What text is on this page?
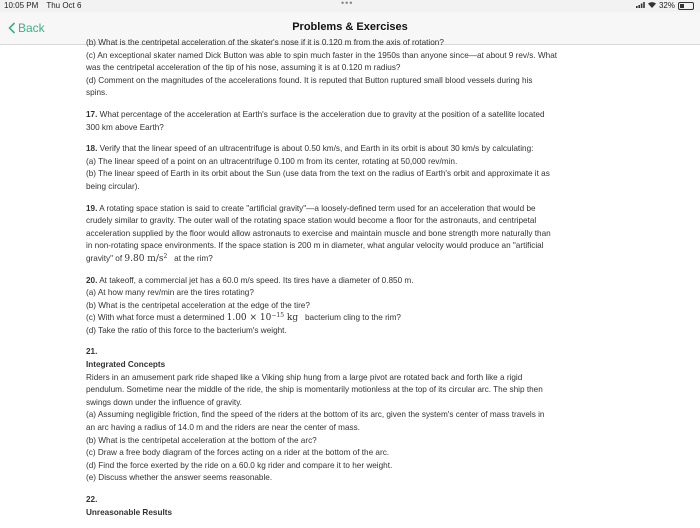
10:05 PM Thu Oct 6	•••	32%
Back	Problems & Exercises

(b) What is the centripetal acceleration of the skater's nose if it is 0.120 m from the axis of rotation?

(c) An exceptional skater named Dick Button was able to spin much faster in the 1950s than anyone since—at about 9 rev/s. What

was the centripetal acceleration of the tip of his nose, assuming it is at 0.120 m radius?

(d) Comment on the magnitudes of the accelerations found. It is reputed that Button ruptured small blood vessels during his

spins.

17. What percentage of the acceleration at Earth's surface is the acceleration due to gravity at the position of a satellite located

300 km above Earth?

18. Verify that the linear speed of an ultracentrifuge is about 0.50 km/s, and Earth in its orbit is about 30 km/s by calculating:

(a) The linear speed of a point on an ultracentrifuge 0.100 m from its center, rotating at 50,000 rev/min.

(b) The linear speed of Earth in its orbit about the Sun (use data from the text on the radius of Earth's orbit and approximate it as

being circular).

19. A rotating space station is said to create "artificial gravity"—a loosely-defined term used for an acceleration that would be

crudely similar to gravity. The outer wall of the rotating space station would become a floor for the astronauts, and centripetal

acceleration supplied by the floor would allow astronauts to exercise and maintain muscle and bone strength more naturally than

in non-rotating space environments. If the space station is 200 m in diameter, what angular velocity would produce an "artificial

gravity" of 9.80 $m/s^2$ at the rim?

20. At takeoff, a commercial jet has a 60.0 m/s speed. Its tires have a diameter of 0.850 m.

(a) At how many rev/min are the tires rotating?

(b) What is the centripetal acceleration at the edge of the tire?

(c) With what force must a determined $1.00 \times 10^{-15}$ kg bacterium cling to the rim?

(d) Take the ratio of this force to the bacterium's weight.

21.

Integrated Concepts

Riders in an amusement park ride shaped like a Viking ship hung from a large pivot are rotated back and forth like a rigid

pendulum. Sometime near the middle of the ride, the ship is momentarily motionless at the top of its circular arc. The ship then

swings down under the influence of gravity.

(a) Assuming negligible friction, find the speed of the riders at the bottom of its arc, given the system's center of mass travels in

an arc having a radius of 14.0 m and the riders are near the center of mass.

(b) What is the centripetal acceleration at the bottom of the arc?

(c) Draw a free body diagram of the forces acting on a rider at the bottom of the arc.

(d) Find the force exerted by the ride on a 60.0 kg rider and compare it to her weight.

(e) Discuss whether the answer seems reasonable.

22.

Unreasonable Results
